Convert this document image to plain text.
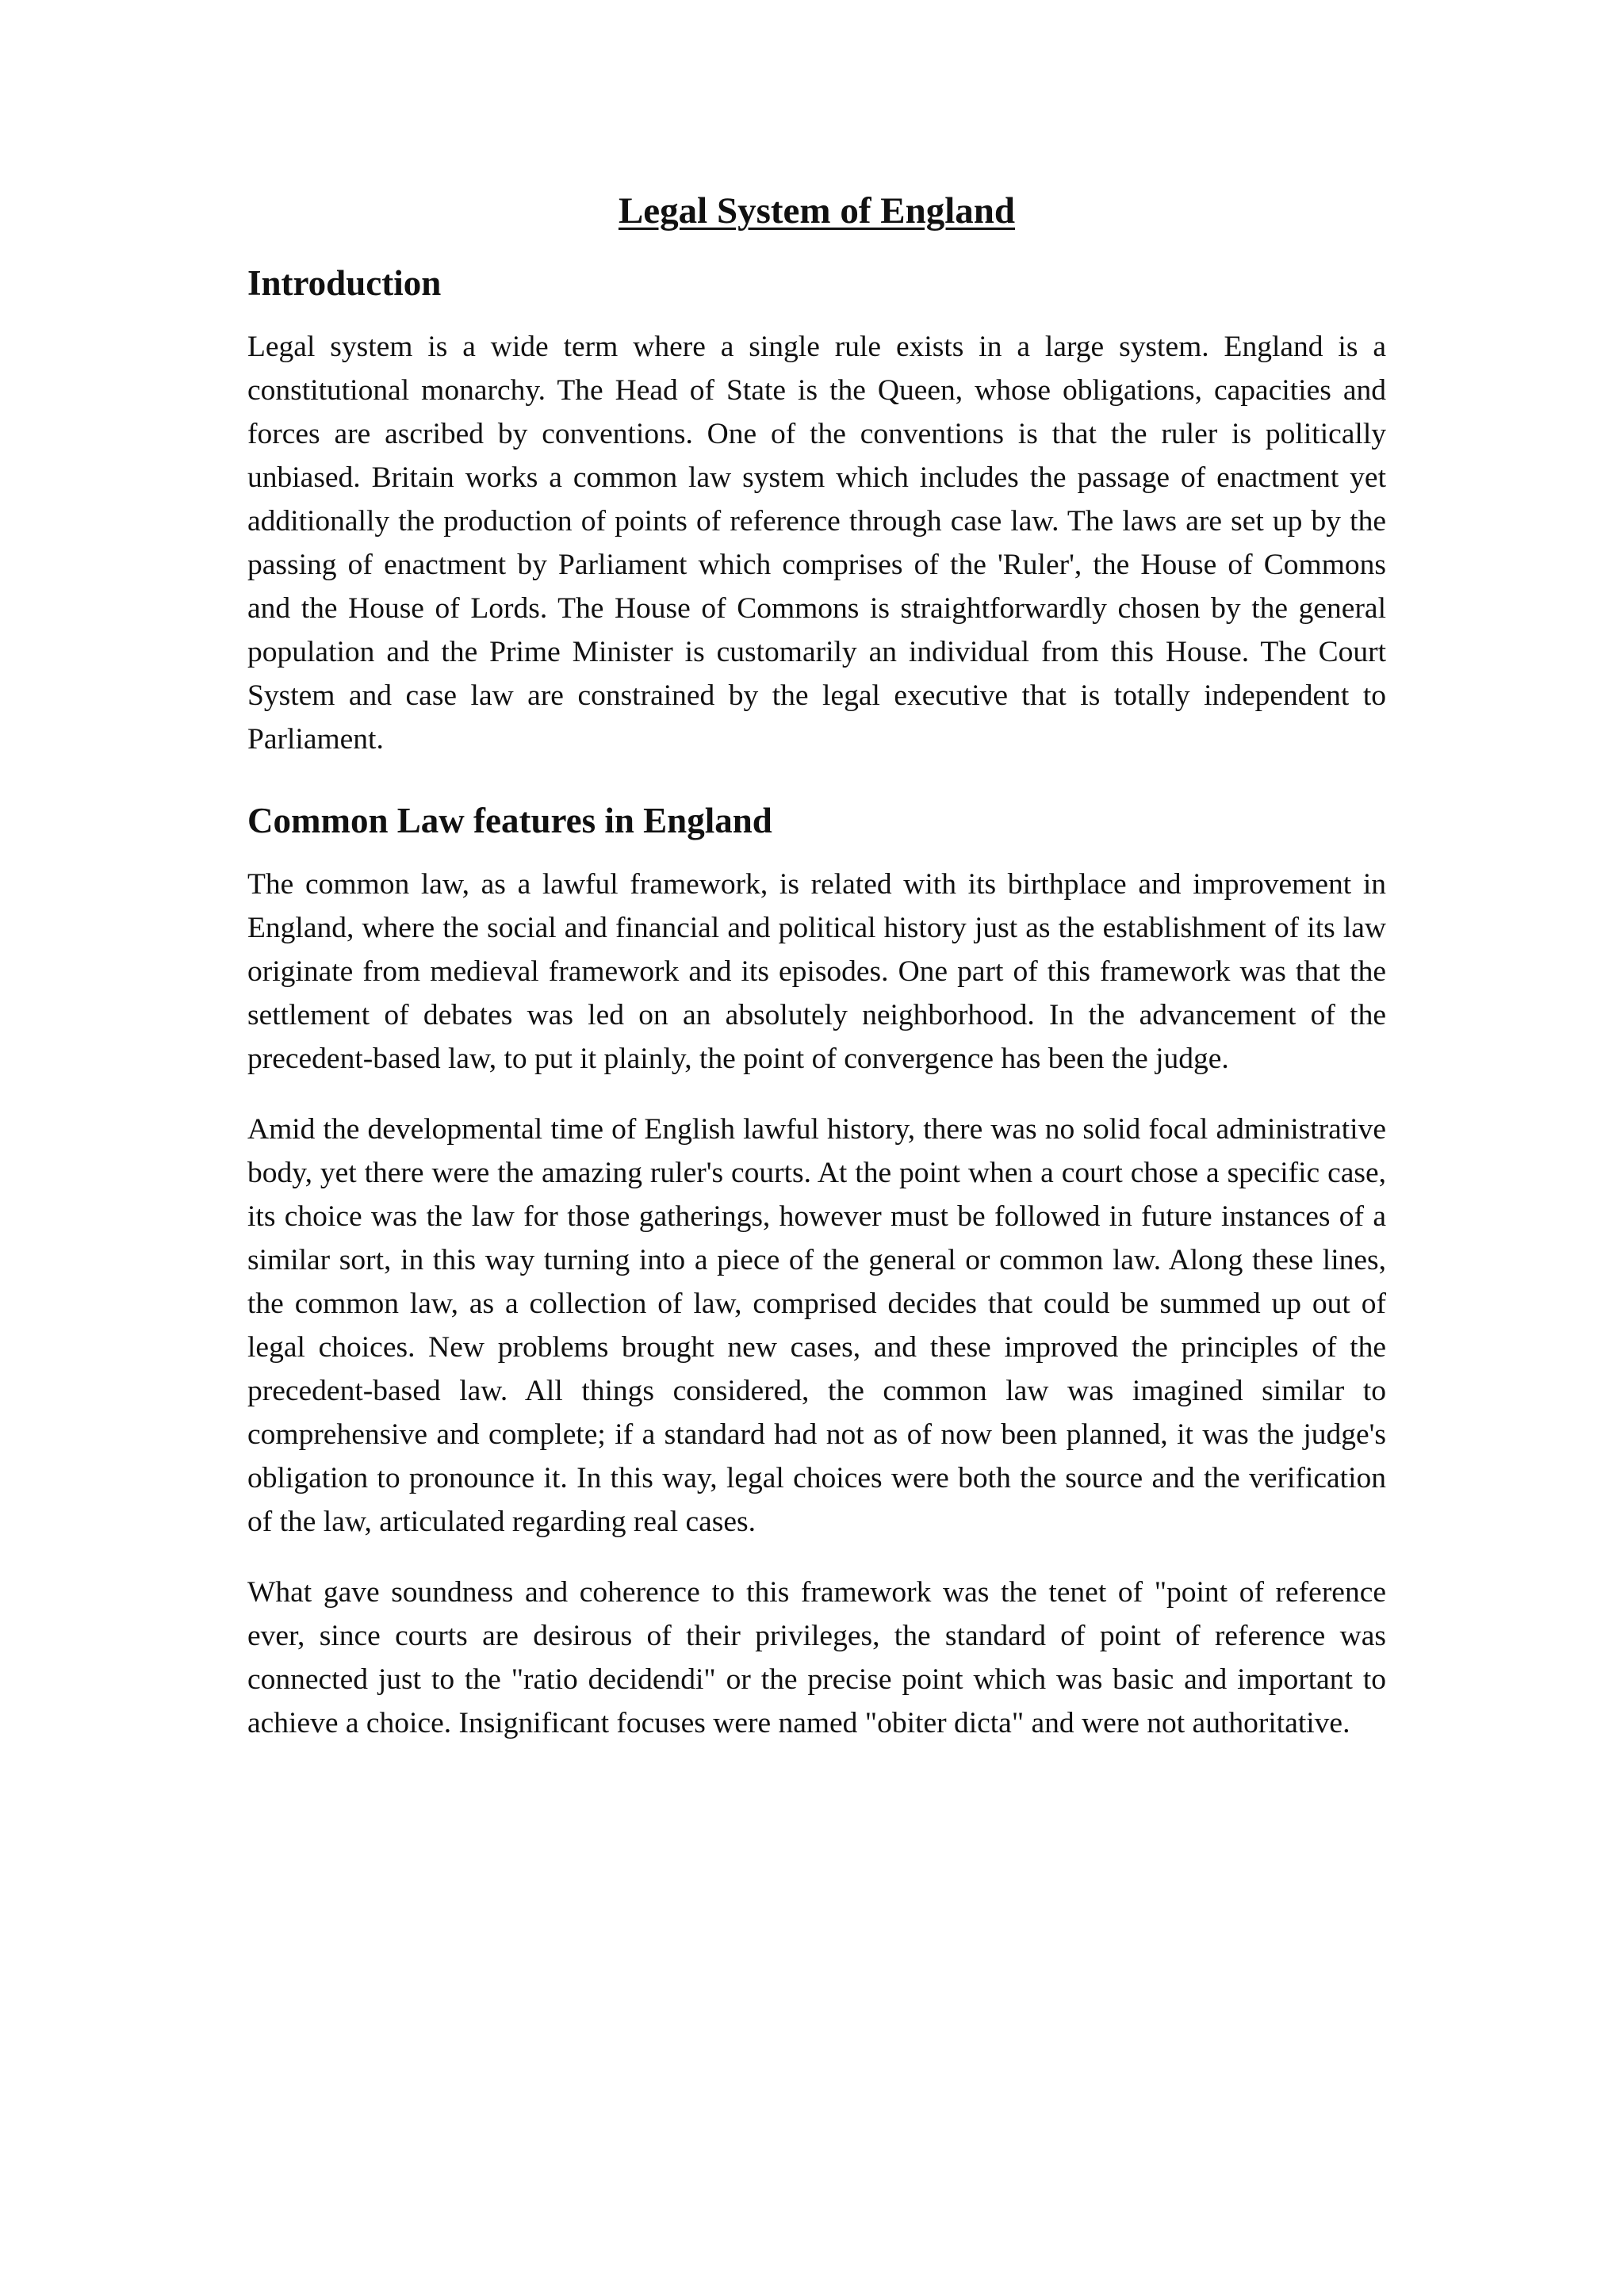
Legal System of England
Introduction

Legal system is a wide term where a single rule exists in a large system. England is a constitutional monarchy. The Head of State is the Queen, whose obligations, capacities and forces are ascribed by conventions. One of the conventions is that the ruler is politically unbiased. Britain works a common law system which includes the passage of enactment yet additionally the production of points of reference through case law. The laws are set up by the passing of enactment by Parliament which comprises of the 'Ruler', the House of Commons and the House of Lords. The House of Commons is straightforwardly chosen by the general population and the Prime Minister is customarily an individual from this House. The Court System and case law are constrained by the legal executive that is totally independent to Parliament.

Common Law features in England

The common law, as a lawful framework, is related with its birthplace and improvement in England, where the social and financial and political history just as the establishment of its law originate from medieval framework and its episodes. One part of this framework was that the settlement of debates was led on an absolutely neighborhood. In the advancement of the precedent-based law, to put it plainly, the point of convergence has been the judge.

Amid the developmental time of English lawful history, there was no solid focal administrative body, yet there were the amazing ruler's courts. At the point when a court chose a specific case, its choice was the law for those gatherings, however must be followed in future instances of a similar sort, in this way turning into a piece of the general or common law. Along these lines, the common law, as a collection of law, comprised decides that could be summed up out of legal choices. New problems brought new cases, and these improved the principles of the precedent-based law. All things considered, the common law was imagined similar to comprehensive and complete; if a standard had not as of now been planned, it was the judge's obligation to pronounce it. In this way, legal choices were both the source and the verification of the law, articulated regarding real cases.

What gave soundness and coherence to this framework was the tenet of "point of reference ever, since courts are desirous of their privileges, the standard of point of reference was connected just to the "ratio decidendi" or the precise point which was basic and important to achieve a choice. Insignificant focuses were named "obiter dicta" and were not authoritative.
